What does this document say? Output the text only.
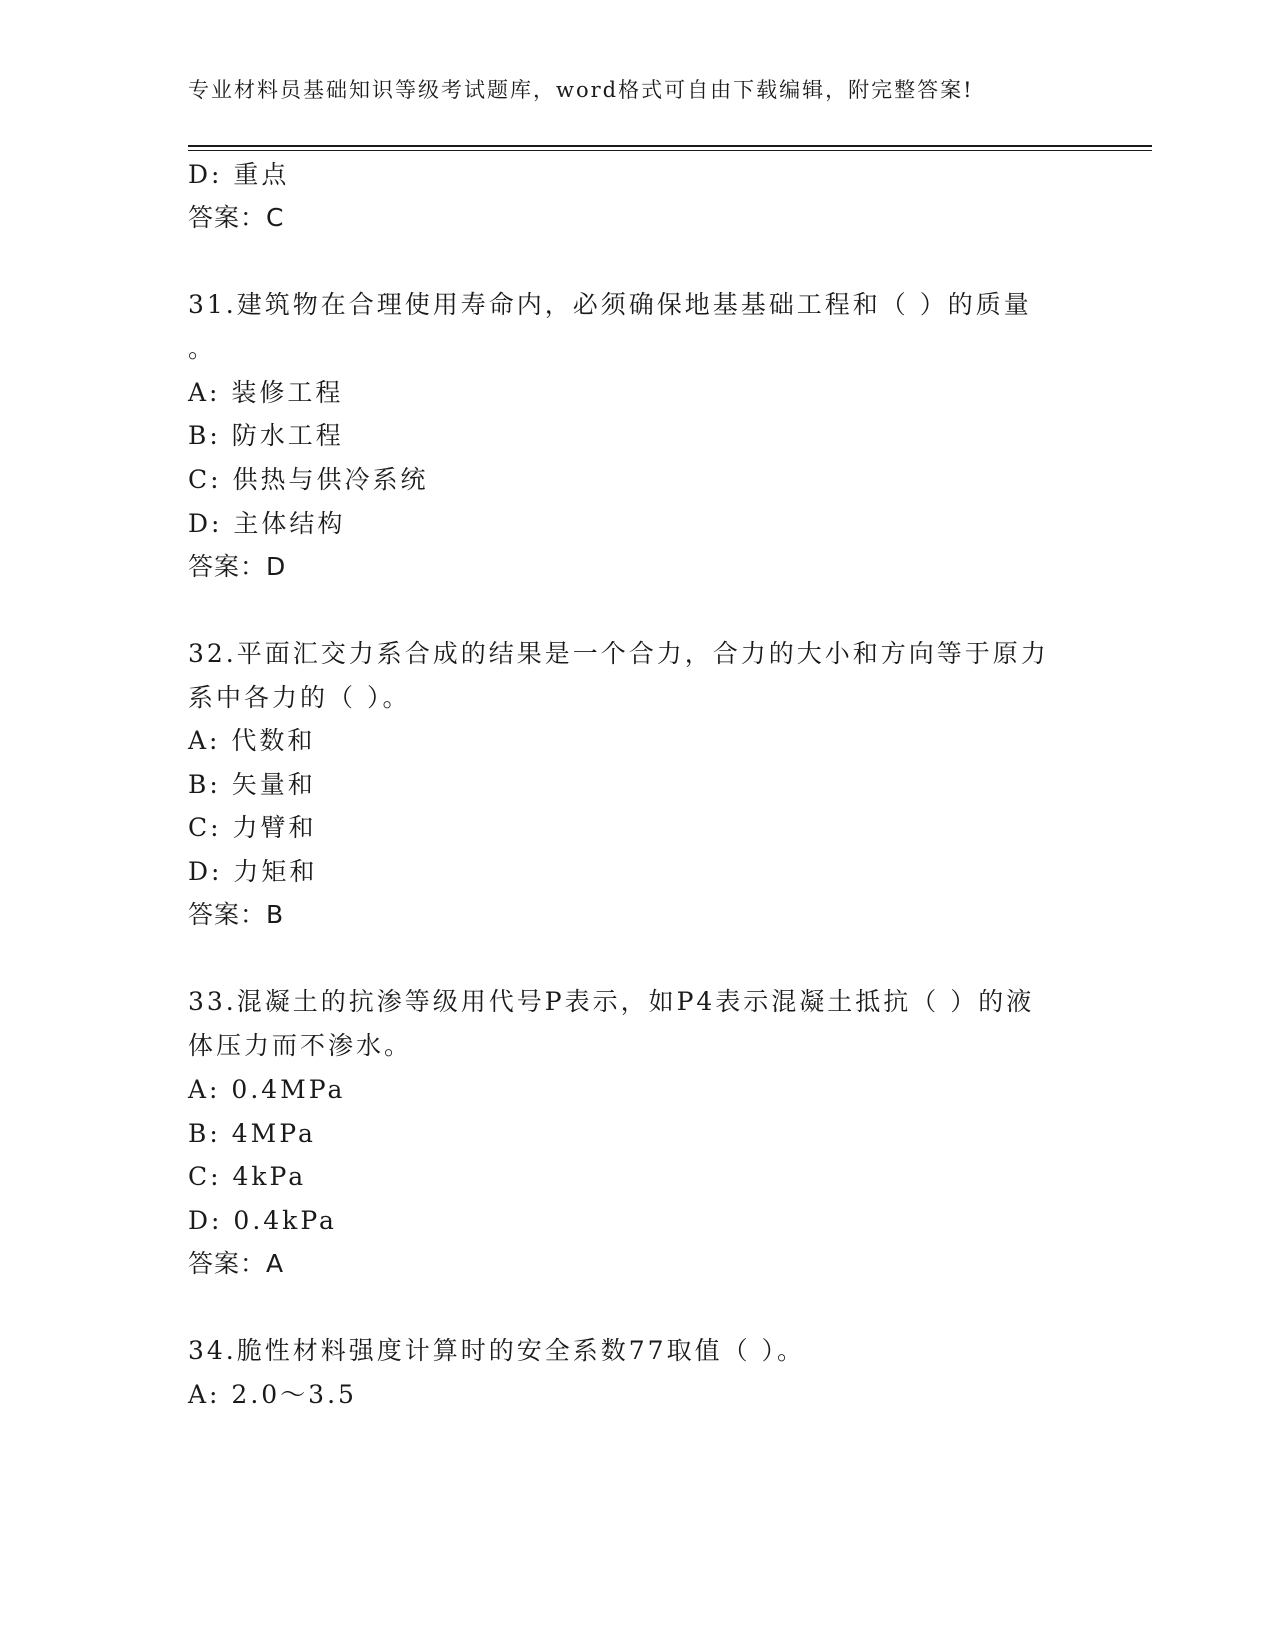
专业材料员基础知识等级考试题库，word格式可自由下载编辑，附完整答案!
D: 重点
答案：C
31.建筑物在合理使用寿命内，必须确保地基基础工程和（ ）的质量
。
A: 装修工程
B: 防水工程
C: 供热与供冷系统
D: 主体结构
答案：D
32.平面汇交力系合成的结果是一个合力，合力的大小和方向等于原力
系中各力的（ ）。
A: 代数和
B: 矢量和
C: 力臂和
D: 力矩和
答案：B
33.混凝土的抗渗等级用代号P表示，如P4表示混凝土抵抗（ ）的液
体压力而不渗水。
A: 0.4MPa
B: 4MPa
C: 4kPa
D: 0.4kPa
答案：A
34.脆性材料强度计算时的安全系数77取值（ ）。
A: 2.0～3.5
